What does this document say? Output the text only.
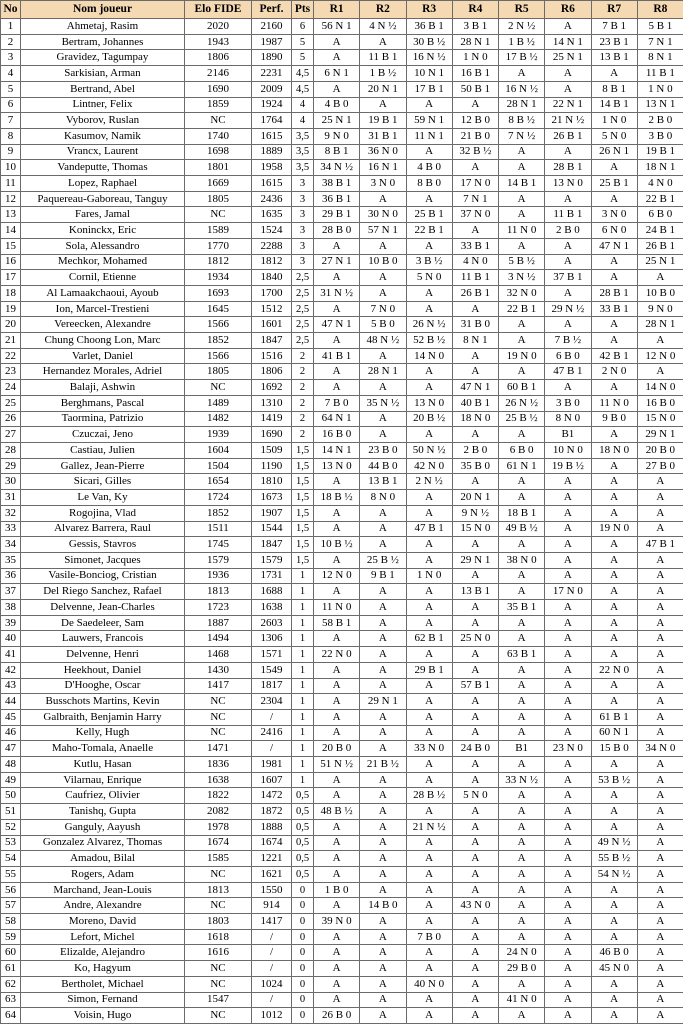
No	Nom joueur	Elo FIDE	Perf.	Pts	R1	R2	R3	R4	R5	R6	R7	R8
1	Ahmetaj, Rasim	2020	2160	6	56 N 1	4 N ½	36 B 1	3 B 1	2 N ½	A	7 B 1	5 B 1
2	Bertram, Johannes	1943	1987	5	A	A	30 B ½	28 N 1	1 B ½	14 N 1	23 B 1	7 N 1
3	Gravidez, Tagumpay	1806	1890	5	A	11 B 1	16 N ½	1 N 0	17 B ½	25 N 1	13 B 1	8 N 1
4	Sarkisian, Arman	2146	2231	4,5	6 N 1	1 B ½	10 N 1	16 B 1	A	A	A	11 B 1
5	Bertrand, Abel	1690	2009	4,5	A	20 N 1	17 B 1	50 B 1	16 N ½	A	8 B 1	1 N 0
6	Lintner, Felix	1859	1924	4	4 B 0	A	A	A	28 N 1	22 N 1	14 B 1	13 N 1
7	Vyborov, Ruslan	NC	1764	4	25 N 1	19 B 1	59 N 1	12 B 0	8 B ½	21 N ½	1 N 0	2 B 0
8	Kasumov, Namik	1740	1615	3,5	9 N 0	31 B 1	11 N 1	21 B 0	7 N ½	26 B 1	5 N 0	3 B 0
9	Vrancx, Laurent	1698	1889	3,5	8 B 1	36 N 0	A	32 B ½	A	A	26 N 1	19 B 1
10	Vandeputte, Thomas	1801	1958	3,5	34 N ½	16 N 1	4 B 0	A	A	28 B 1	A	18 N 1
11	Lopez, Raphael	1669	1615	3	38 B 1	3 N 0	8 B 0	17 N 0	14 B 1	13 N 0	25 B 1	4 N 0
12	Paquereau-Gaboreau, Tanguy	1805	2436	3	36 B 1	A	A	7 N 1	A	A	A	22 B 1
13	Fares, Jamal	NC	1635	3	29 B 1	30 N 0	25 B 1	37 N 0	A	11 B 1	3 N 0	6 B 0
14	Koninckx, Eric	1589	1524	3	28 B 0	57 N 1	22 B 1	A	11 N 0	2 B 0	6 N 0	24 B 1
15	Sola, Alessandro	1770	2288	3	A	A	A	33 B 1	A	A	47 N 1	26 B 1
16	Mechkor, Mohamed	1812	1812	3	27 N 1	10 B 0	3 B ½	4 N 0	5 B ½	A	A	25 N 1
17	Cornil, Etienne	1934	1840	2,5	A	A	5 N 0	11 B 1	3 N ½	37 B 1	A	A
18	Al Lamaakchaoui, Ayoub	1693	1700	2,5	31 N ½	A	A	26 B 1	32 N 0	A	28 B 1	10 B 0
19	Ion, Marcel-Trestieni	1645	1512	2,5	A	7 N 0	A	A	22 B 1	29 N ½	33 B 1	9 N 0
20	Vereecken, Alexandre	1566	1601	2,5	47 N 1	5 B 0	26 N ½	31 B 0	A	A	A	28 N 1
21	Chung Choong Lon, Marc	1852	1847	2,5	A	48 N ½	52 B ½	8 N 1	A	7 B ½	A	A
22	Varlet, Daniel	1566	1516	2	41 B 1	A	14 N 0	A	19 N 0	6 B 0	42 B 1	12 N 0
23	Hernandez Morales, Adriel	1805	1806	2	A	28 N 1	A	A	A	47 B 1	2 N 0	A
24	Balaji, Ashwin	NC	1692	2	A	A	A	47 N 1	60 B 1	A	A	14 N 0
25	Berghmans, Pascal	1489	1310	2	7 B 0	35 N ½	13 N 0	40 B 1	26 N ½	3 B 0	11 N 0	16 B 0
26	Taormina, Patrizio	1482	1419	2	64 N 1	A	20 B ½	18 N 0	25 B ½	8 N 0	9 B 0	15 N 0
27	Czuczai, Jeno	1939	1690	2	16 B 0	A	A	A	A	B1	A	29 N 1
28	Castiau, Julien	1604	1509	1,5	14 N 1	23 B 0	50 N ½	2 B 0	6 B 0	10 N 0	18 N 0	20 B 0
29	Gallez, Jean-Pierre	1504	1190	1,5	13 N 0	44 B 0	42 N 0	35 B 0	61 N 1	19 B ½	A	27 B 0
30	Sicari, Gilles	1654	1810	1,5	A	13 B 1	2 N ½	A	A	A	A	A
31	Le Van, Ky	1724	1673	1,5	18 B ½	8 N 0	A	20 N 1	A	A	A	A
32	Rogojina, Vlad	1852	1907	1,5	A	A	A	9 N ½	18 B 1	A	A	A
33	Alvarez Barrera, Raul	1511	1544	1,5	A	A	47 B 1	15 N 0	49 B ½	A	19 N 0	A
34	Gessis, Stavros	1745	1847	1,5	10 B ½	A	A	A	A	A	A	47 B 1
35	Simonet, Jacques	1579	1579	1,5	A	25 B ½	A	29 N 1	38 N 0	A	A	A
36	Vasile-Bonciog, Cristian	1936	1731	1	12 N 0	9 B 1	1 N 0	A	A	A	A	A
37	Del Riego Sanchez, Rafael	1813	1688	1	A	A	A	13 B 1	A	17 N 0	A	A
38	Delvenne, Jean-Charles	1723	1638	1	11 N 0	A	A	A	35 B 1	A	A	A
39	De Saedeleer, Sam	1887	2603	1	58 B 1	A	A	A	A	A	A	A
40	Lauwers, Francois	1494	1306	1	A	A	62 B 1	25 N 0	A	A	A	A
41	Delvenne, Henri	1468	1571	1	22 N 0	A	A	A	63 B 1	A	A	A
42	Heekhout, Daniel	1430	1549	1	A	A	29 B 1	A	A	A	22 N 0	A
43	D'Hooghe, Oscar	1417	1817	1	A	A	A	57 B 1	A	A	A	A
44	Busschots Martins, Kevin	NC	2304	1	A	29 N 1	A	A	A	A	A	A
45	Galbraith, Benjamin Harry	NC	/	1	A	A	A	A	A	A	61 B 1	A
46	Kelly, Hugh	NC	2416	1	A	A	A	A	A	A	60 N 1	A
47	Maho-Tomala, Anaelle	1471	/	1	20 B 0	A	33 N 0	24 B 0	B1	23 N 0	15 B 0	34 N 0
48	Kutlu, Hasan	1836	1981	1	51 N ½	21 B ½	A	A	A	A	A	A
49	Vilarnau, Enrique	1638	1607	1	A	A	A	A	33 N ½	A	53 B ½	A
50	Caufriez, Olivier	1822	1472	0,5	A	A	28 B ½	5 N 0	A	A	A	A
51	Tanishq, Gupta	2082	1872	0,5	48 B ½	A	A	A	A	A	A	A
52	Ganguly, Aayush	1978	1888	0,5	A	A	21 N ½	A	A	A	A	A
53	Gonzalez Alvarez, Thomas	1674	1674	0,5	A	A	A	A	A	A	49 N ½	A
54	Amadou, Bilal	1585	1221	0,5	A	A	A	A	A	A	55 B ½	A
55	Rogers, Adam	NC	1621	0,5	A	A	A	A	A	A	54 N ½	A
56	Marchand, Jean-Louis	1813	1550	0	1 B 0	A	A	A	A	A	A	A
57	Andre, Alexandre	NC	914	0	A	14 B 0	A	43 N 0	A	A	A	A
58	Moreno, David	1803	1417	0	39 N 0	A	A	A	A	A	A	A
59	Lefort, Michel	1618	/	0	A	A	7 B 0	A	A	A	A	A
60	Elizalde, Alejandro	1616	/	0	A	A	A	A	24 N 0	A	46 B 0	A
61	Ko, Hagyum	NC	/	0	A	A	A	A	29 B 0	A	45 N 0	A
62	Bertholet, Michael	NC	1024	0	A	A	40 N 0	A	A	A	A	A
63	Simon, Fernand	1547	/	0	A	A	A	A	41 N 0	A	A	A
64	Voisin, Hugo	NC	1012	0	26 B 0	A	A	A	A	A	A	A
